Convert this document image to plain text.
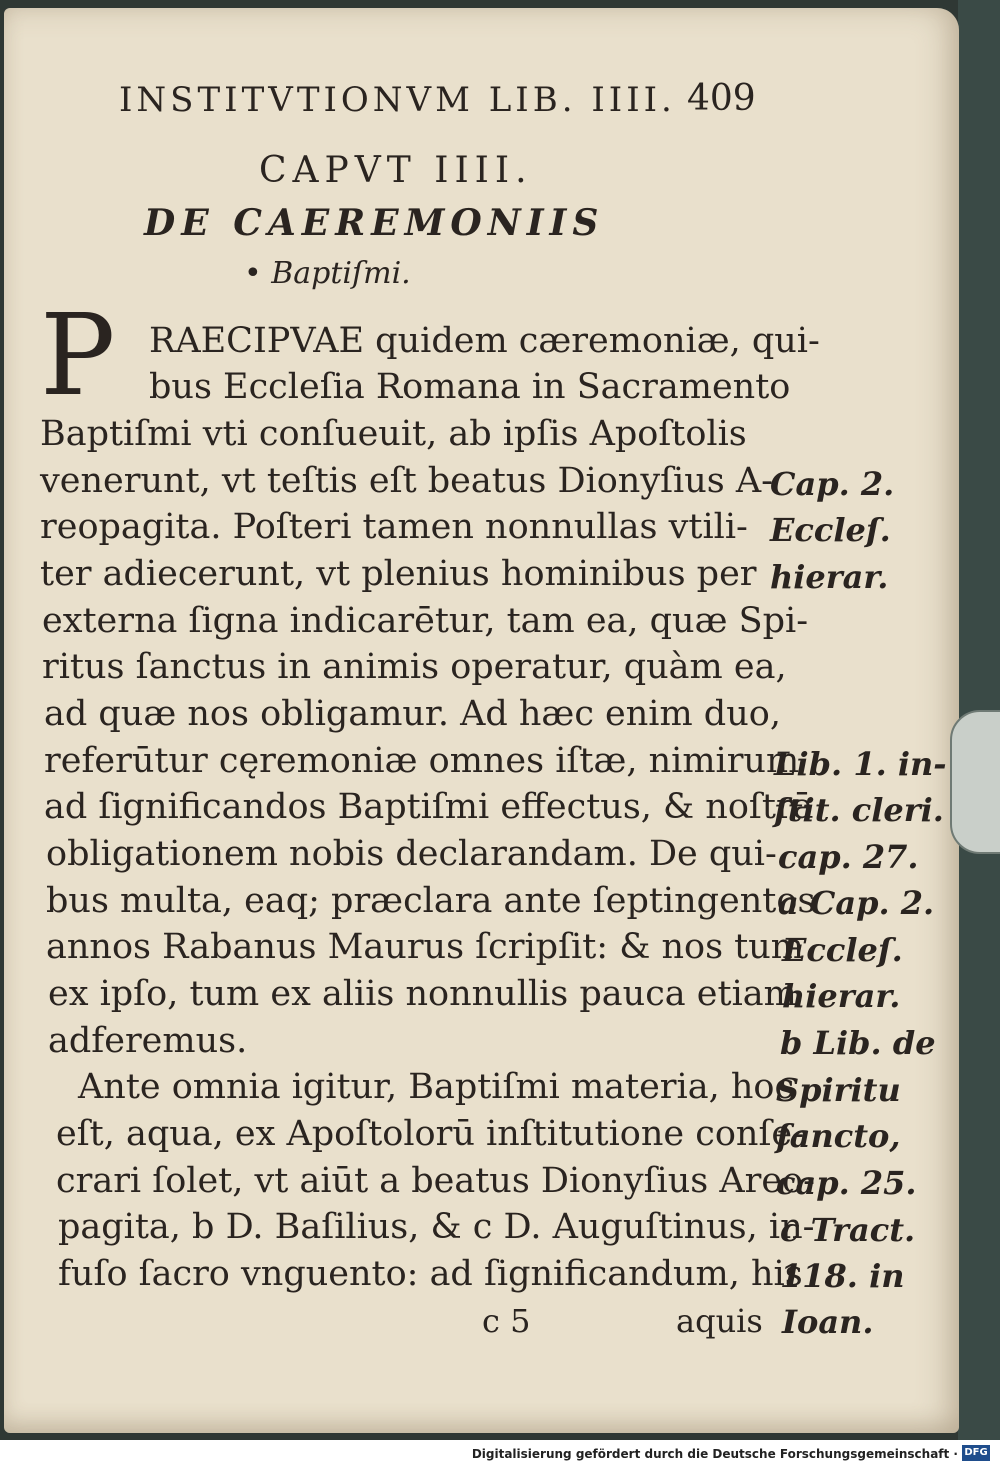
INSTITVTIONVM LIB. IIII. 409
CAPVT IIII.
DE CAEREMONIIS
• Baptiſmi.
P RAECIPVAE quidem cæremoniæ, qui-
bus Eccleſia Romana in Sacramento
Baptiſmi vti conſueuit, ab ipſis Apoſtolis
venerunt, vt teſtis eſt beatus Dionyſius A-
reopagita. Poſteri tamen nonnullas vtili-
ter adiecerunt, vt plenius hominibus per
externa ſigna indicarētur, tam ea, quæ Spi-
ritus ſanctus in animis operatur, quàm ea,
ad quæ nos obligamur. Ad hæc enim duo,
referūtur cęremoniæ omnes iſtæ, nimirum
ad ſignificandos Baptiſmi effectus, & noſtrā
obligationem nobis declarandam. De qui-
bus multa, eaq; præclara ante ſeptingentos
annos Rabanus Maurus ſcripſit: & nos tum
ex ipſo, tum ex aliis nonnullis pauca etiam
adferemus.
Ante omnia igitur, Baptiſmi materia, hoc
eſt, aqua, ex Apoſtolorū inſtitutione conſe-
crari ſolet, vt aiūt a beatus Dionyſius Areo-
pagita, b D. Baſilius, & c D. Auguſtinus, in-
fuſo ſacro vnguento: ad ſignificandum, his
c 5	aquis
Cap. 2.
Eccleſ.
hierar.
Lib. 1. in-
ſtit. cleri.
cap. 27.
a Cap. 2.
Eccleſ.
hierar.
b Lib. de
Spiritu
ſancto,
cap. 25.
c Tract.
118. in
Ioan.
Digitalisierung gefördert durch die Deutsche Forschungsgemeinschaft · DFG
